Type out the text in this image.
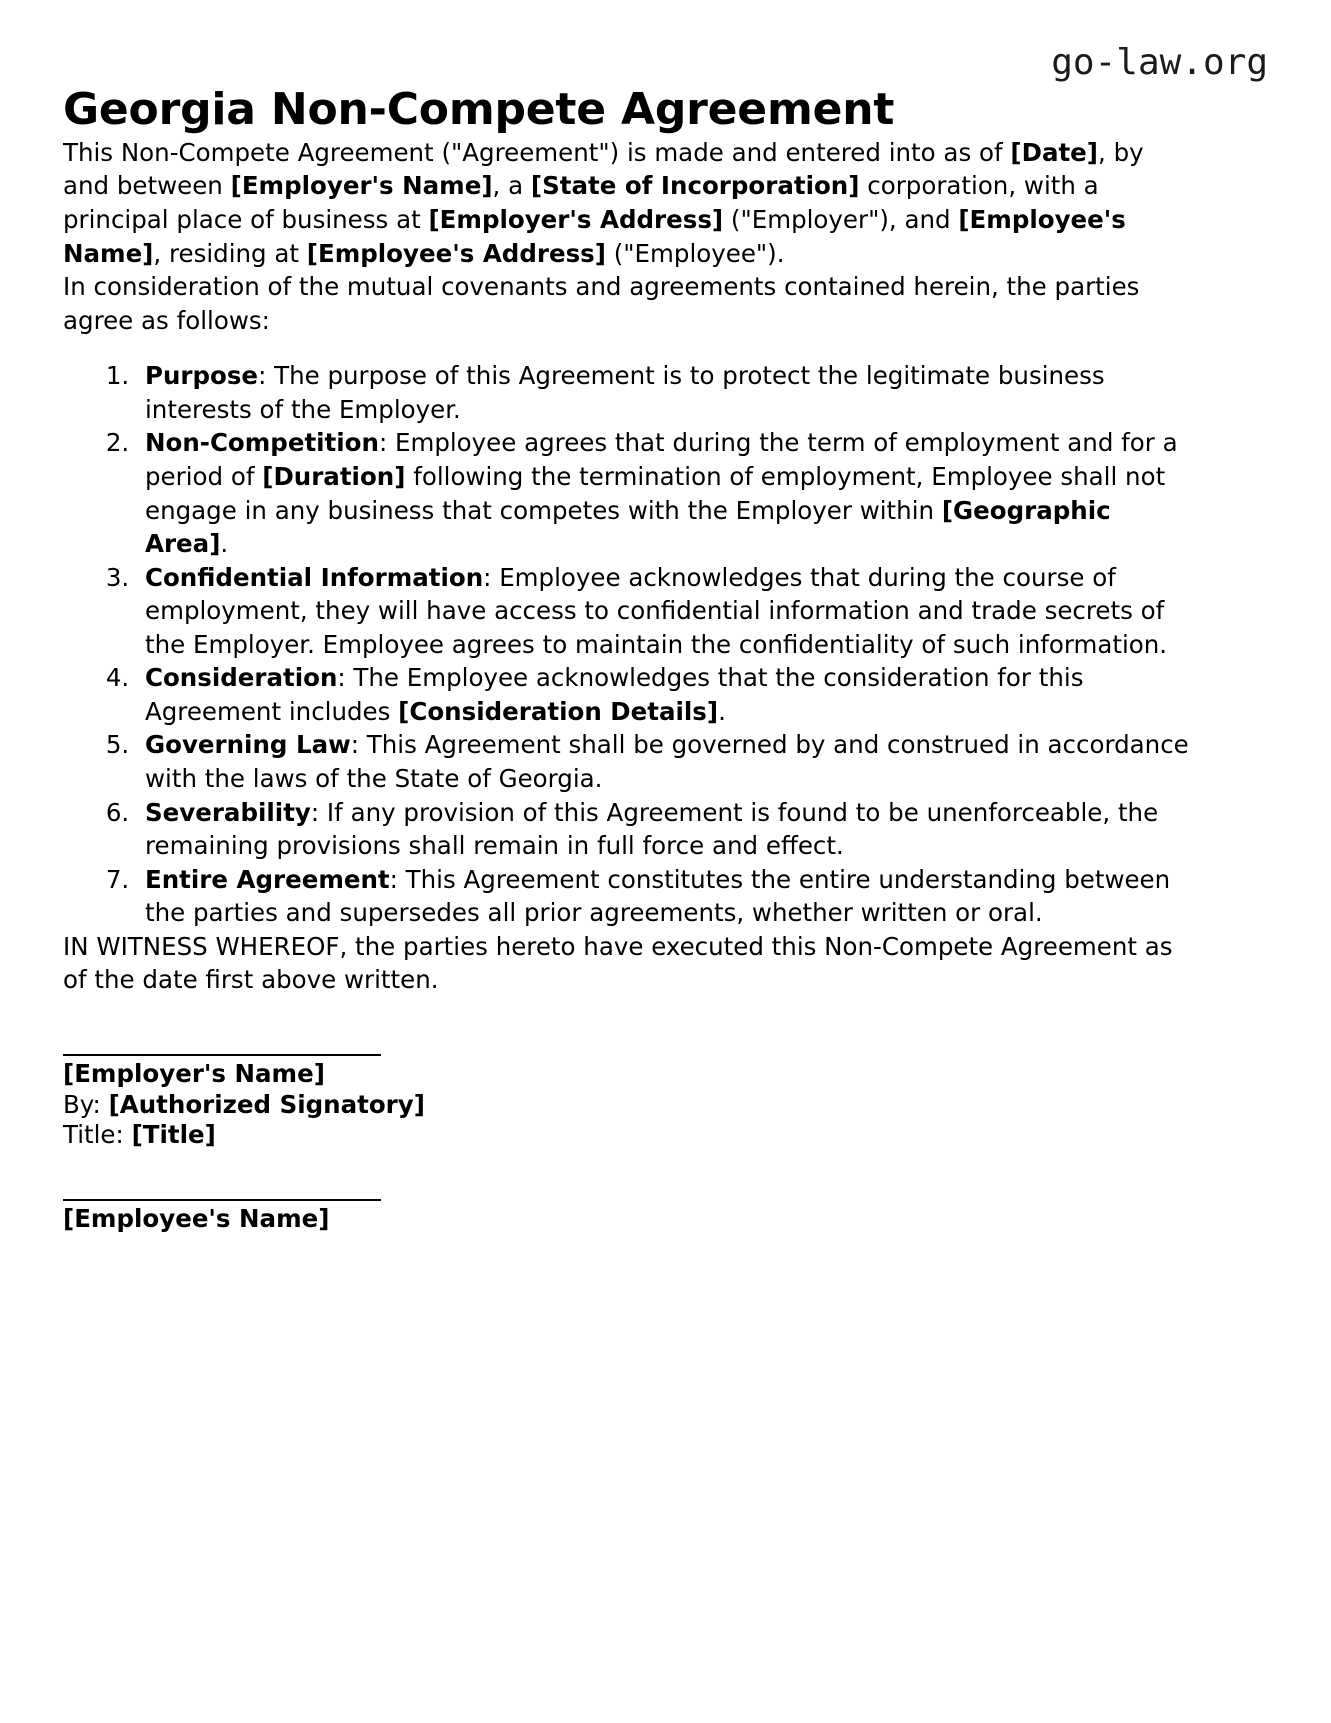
go-law.org
Georgia Non-Compete Agreement

This Non-Compete Agreement ("Agreement") is made and entered into as of [Date], by and between [Employer's Name], a [State of Incorporation] corporation, with a principal place of business at [Employer's Address] ("Employer"), and [Employee's Name], residing at [Employee's Address] ("Employee").

In consideration of the mutual covenants and agreements contained herein, the parties agree as follows:

1. Purpose: The purpose of this Agreement is to protect the legitimate business interests of the Employer.
2. Non-Competition: Employee agrees that during the term of employment and for a period of [Duration] following the termination of employment, Employee shall not engage in any business that competes with the Employer within [Geographic Area].
3. Confidential Information: Employee acknowledges that during the course of employment, they will have access to confidential information and trade secrets of the Employer. Employee agrees to maintain the confidentiality of such information.
4. Consideration: The Employee acknowledges that the consideration for this Agreement includes [Consideration Details].
5. Governing Law: This Agreement shall be governed by and construed in accordance with the laws of the State of Georgia.
6. Severability: If any provision of this Agreement is found to be unenforceable, the remaining provisions shall remain in full force and effect.
7. Entire Agreement: This Agreement constitutes the entire understanding between the parties and supersedes all prior agreements, whether written or oral.

IN WITNESS WHEREOF, the parties hereto have executed this Non-Compete Agreement as of the date first above written.

[Employer's Name]
By: [Authorized Signatory]
Title: [Title]
[Employee's Name]
